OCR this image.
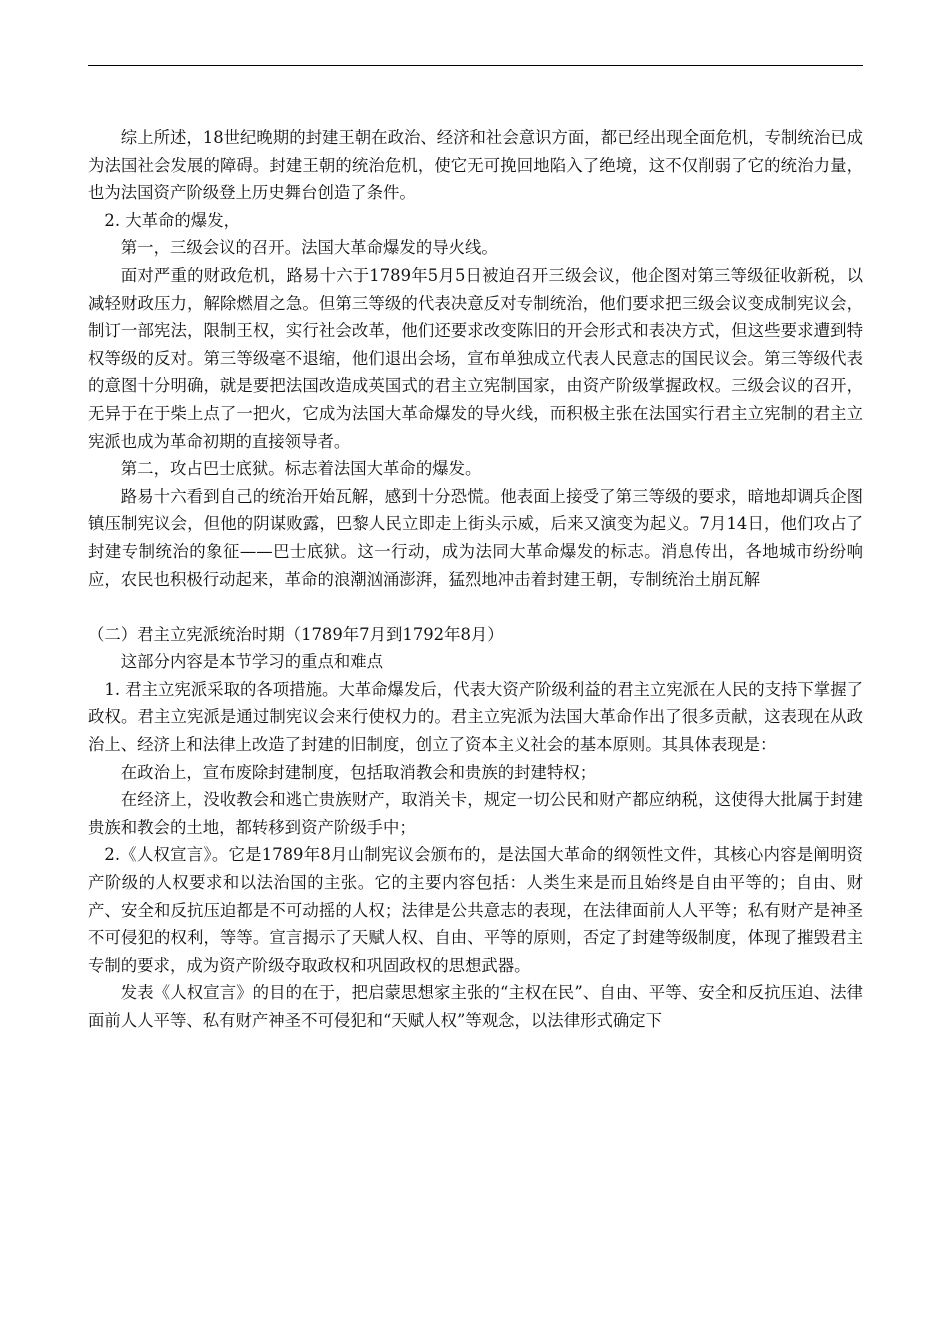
综上所述，18世纪晚期的封建王朝在政治、经济和社会意识方面，都已经出现全面危机，专制统治已成为法国社会发展的障碍。封建王朝的统治危机，使它无可挽回地陷入了绝境，这不仅削弱了它的统治力量，也为法国资产阶级登上历史舞台创造了条件。

2. 大革命的爆发，

第一，三级会议的召开。法国大革命爆发的导火线。

面对严重的财政危机，路易十六于1789年5月5日被迫召开三级会议，他企图对第三等级征收新税，以减轻财政压力，解除燃眉之急。但第三等级的代表决意反对专制统治，他们要求把三级会议变成制宪议会，制订一部宪法，限制王权，实行社会改革，他们还要求改变陈旧的开会形式和表决方式，但这些要求遭到特权等级的反对。第三等级毫不退缩，他们退出会场，宣布单独成立代表人民意志的国民议会。第三等级代表的意图十分明确，就是要把法国改造成英国式的君主立宪制国家，由资产阶级掌握政权。三级会议的召开，无异于在于柴上点了一把火，它成为法国大革命爆发的导火线，而积极主张在法国实行君主立宪制的君主立宪派也成为革命初期的直接领导者。

第二，攻占巴士底狱。标志着法国大革命的爆发。

路易十六看到自己的统治开始瓦解，感到十分恐慌。他表面上接受了第三等级的要求，暗地却调兵企图镇压制宪议会，但他的阴谋败露，巴黎人民立即走上街头示威，后来又演变为起义。7月14日，他们攻占了封建专制统治的象征——巴士底狱。这一行动，成为法同大革命爆发的标志。消息传出，各地城市纷纷响应，农民也积极行动起来，革命的浪潮汹涌澎湃，猛烈地冲击着封建王朝，专制统治土崩瓦解

（二）君主立宪派统治时期（1789年7月到1792年8月）

这部分内容是本节学习的重点和难点

1. 君主立宪派采取的各项措施。大革命爆发后，代表大资产阶级利益的君主立宪派在人民的支持下掌握了政权。君主立宪派是通过制宪议会来行使权力的。君主立宪派为法国大革命作出了很多贡献，这表现在从政治上、经济上和法律上改造了封建的旧制度，创立了资本主义社会的基本原则。其具体表现是：

在政治上，宣布废除封建制度，包括取消教会和贵族的封建特权；

在经济上，没收教会和逃亡贵族财产，取消关卡，规定一切公民和财产都应纳税，这使得大批属于封建贵族和教会的土地，都转移到资产阶级手中；

2.《人权宣言》。它是1789年8月山制宪议会颁布的，是法国大革命的纲领性文件，其核心内容是阐明资产阶级的人权要求和以法治国的主张。它的主要内容包括：人类生来是而且始终是自由平等的；自由、财产、安全和反抗压迫都是不可动摇的人权；法律是公共意志的表现，在法律面前人人平等；私有财产是神圣不可侵犯的权利，等等。宣言揭示了天赋人权、自由、平等的原则，否定了封建等级制度，体现了摧毁君主专制的要求，成为资产阶级夺取政权和巩固政权的思想武器。

发表《人权宣言》的目的在于，把启蒙思想家主张的“主权在民”、自由、平等、安全和反抗压迫、法律面前人人平等、私有财产神圣不可侵犯和“天赋人权”等观念，以法律形式确定下
